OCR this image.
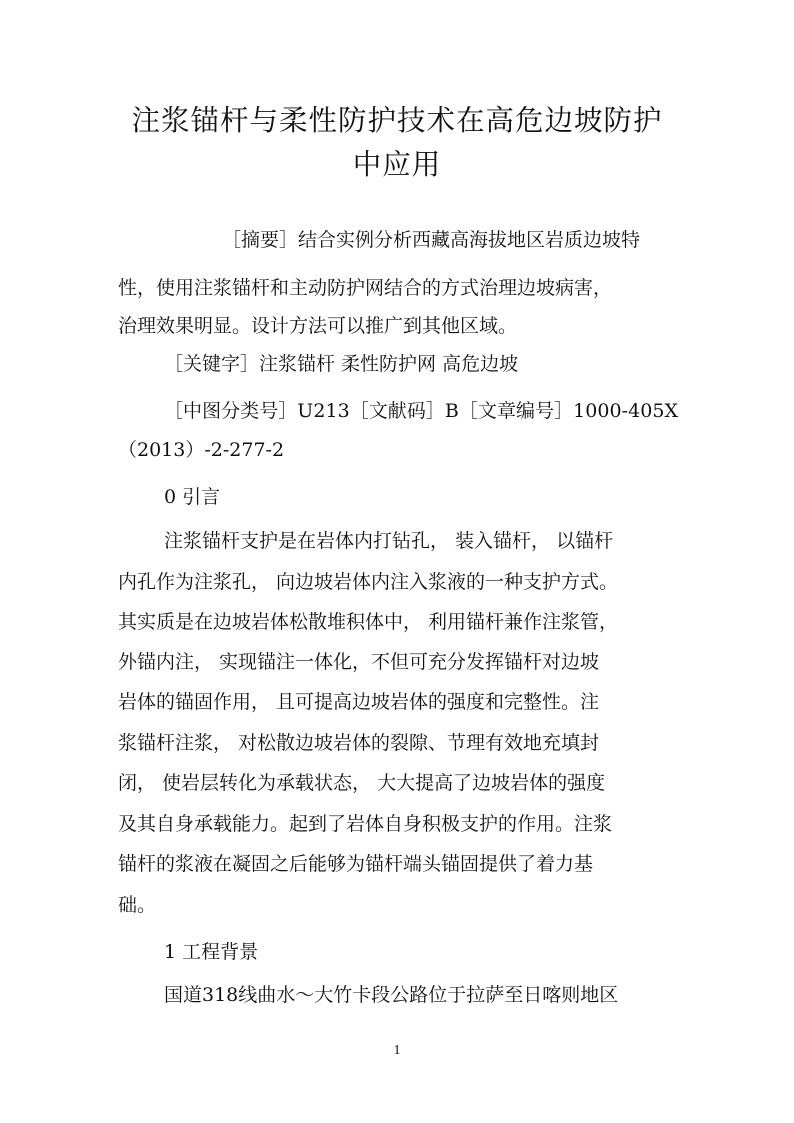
注浆锚杆与柔性防护技术在高危边坡防护
中应用
［摘要］结合实例分析西藏高海拔地区岩质边坡特
性，使用注浆锚杆和主动防护网结合的方式治理边坡病害，
治理效果明显。设计方法可以推广到其他区域。
［关键字］注浆锚杆 柔性防护网 高危边坡
［中图分类号］U213［文献码］B［文章编号］1000-405X
（2013）-2-277-2
0 引言
注浆锚杆支护是在岩体内打钻孔， 装入锚杆， 以锚杆
内孔作为注浆孔， 向边坡岩体内注入浆液的一种支护方式。
其实质是在边坡岩体松散堆积体中， 利用锚杆兼作注浆管，
外锚内注， 实现锚注一体化，不但可充分发挥锚杆对边坡
岩体的锚固作用， 且可提高边坡岩体的强度和完整性。注
浆锚杆注浆， 对松散边坡岩体的裂隙、节理有效地充填封
闭， 使岩层转化为承载状态， 大大提高了边坡岩体的强度
及其自身承载能力。起到了岩体自身积极支护的作用。注浆
锚杆的浆液在凝固之后能够为锚杆端头锚固提供了着力基
础。
1 工程背景
国道318线曲水～大竹卡段公路位于拉萨至日喀则地区
1
